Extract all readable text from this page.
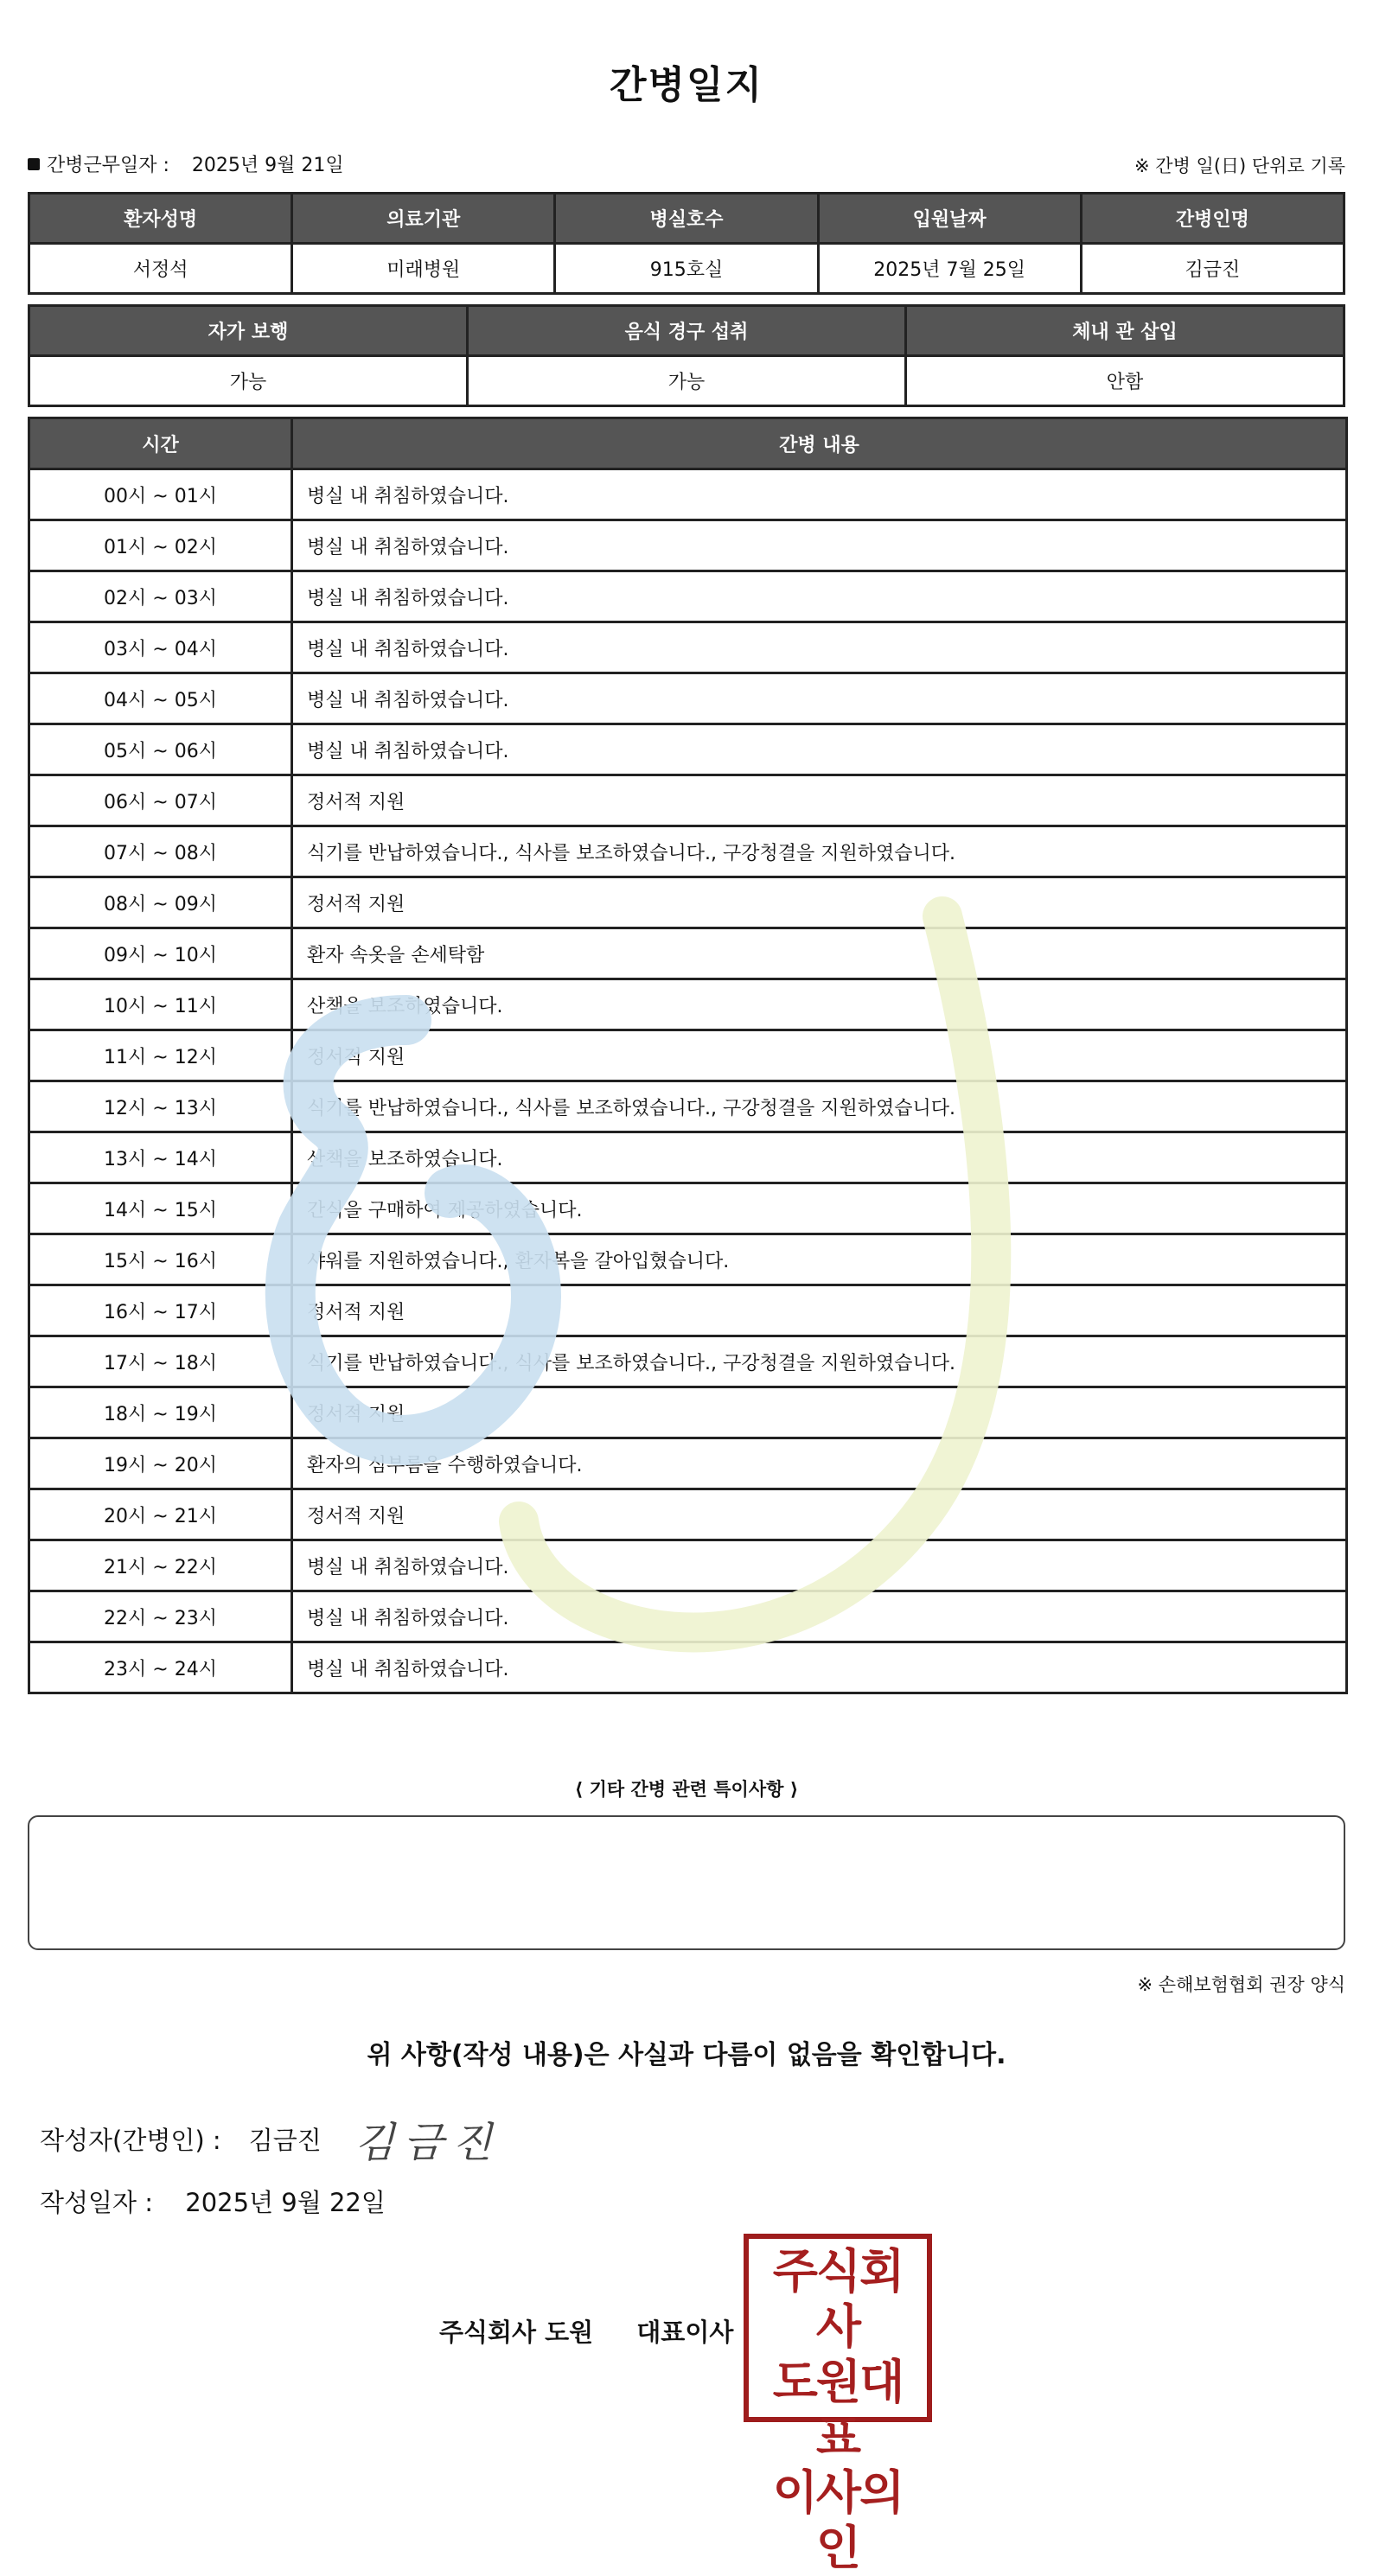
간병일지
간병근무일자 : 2025년 9월 21일	※ 간병 일(日) 단위로 기록
환자성명	의료기관	병실호수	입원날짜	간병인명
서정석	미래병원	915호실	2025년 7월 25일	김금진
자가 보행	음식 경구 섭취	체내 관 삽입
가능	가능	안함
시간	간병 내용
00시 ~ 01시	병실 내 취침하였습니다.
01시 ~ 02시	병실 내 취침하였습니다.
02시 ~ 03시	병실 내 취침하였습니다.
03시 ~ 04시	병실 내 취침하였습니다.
04시 ~ 05시	병실 내 취침하였습니다.
05시 ~ 06시	병실 내 취침하였습니다.
06시 ~ 07시	정서적 지원
07시 ~ 08시	식기를 반납하였습니다., 식사를 보조하였습니다., 구강청결을 지원하였습니다.
08시 ~ 09시	정서적 지원
09시 ~ 10시	환자 속옷을 손세탁함
10시 ~ 11시	산책을 보조하였습니다.
11시 ~ 12시	정서적 지원
12시 ~ 13시	식기를 반납하였습니다., 식사를 보조하였습니다., 구강청결을 지원하였습니다.
13시 ~ 14시	산책을 보조하였습니다.
14시 ~ 15시	간식을 구매하여 제공하였습니다.
15시 ~ 16시	샤워를 지원하였습니다., 환자복을 갈아입혔습니다.
16시 ~ 17시	정서적 지원
17시 ~ 18시	식기를 반납하였습니다., 식사를 보조하였습니다., 구강청결을 지원하였습니다.
18시 ~ 19시	정서적 지원
19시 ~ 20시	환자의 심부름을 수행하였습니다.
20시 ~ 21시	정서적 지원
21시 ~ 22시	병실 내 취침하였습니다.
22시 ~ 23시	병실 내 취침하였습니다.
23시 ~ 24시	병실 내 취침하였습니다.
⟨ 기타 간병 관련 특이사항 ⟩
※ 손해보험협회 권장 양식
위 사항(작성 내용)은 사실과 다름이 없음을 확인합니다.
작성자(간병인) : 김금진 김금진
작성일자 : 2025년 9월 22일
주식회사 도원 대표이사
주식회사
도원대표
이사의인
